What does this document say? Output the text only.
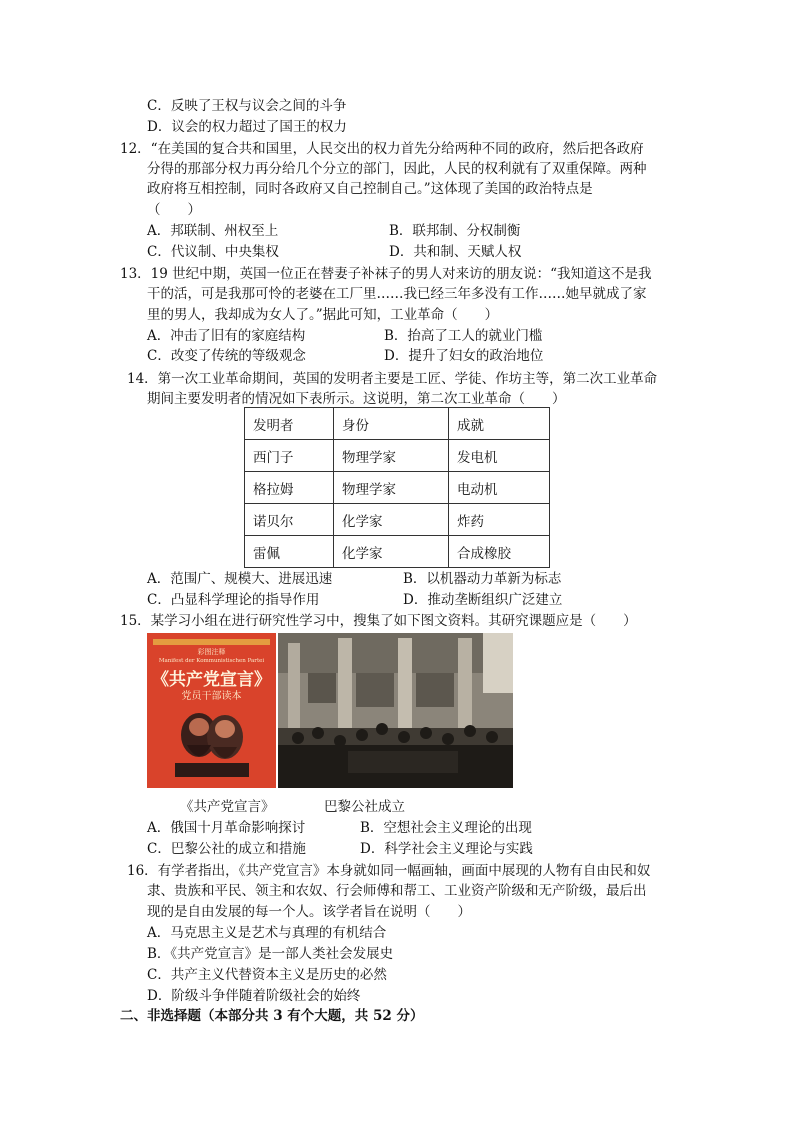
C．反映了王权与议会之间的斗争
D．议会的权力超过了国王的权力
12．“在美国的复合共和国里，人民交出的权力首先分给两种不同的政府，然后把各政府
分得的那部分权力再分给几个分立的部门，因此，人民的权利就有了双重保障。两种
政府将互相控制，同时各政府又自己控制自己。”这体现了美国的政治特点是
（　　）
A．邦联制、州权至上	B．联邦制、分权制衡
C．代议制、中央集权	D．共和制、天赋人权
13．19 世纪中期，英国一位正在替妻子补袜子的男人对来访的朋友说：“我知道这不是我
干的活，可是我那可怜的老婆在工厂里……我已经三年多没有工作……她早就成了家
里的男人，我却成为女人了。”据此可知，工业革命（　　）
A．冲击了旧有的家庭结构	B．抬高了工人的就业门槛
C．改变了传统的等级观念	D．提升了妇女的政治地位
14．第一次工业革命期间，英国的发明者主要是工匠、学徒、作坊主等，第二次工业革命
期间主要发明者的情况如下表所示。这说明，第二次工业革命（　　）
发明者	身份	成就
西门子	物理学家	发电机
格拉姆	物理学家	电动机
诺贝尔	化学家	炸药
雷佩	化学家	合成橡胶
A．范围广、规模大、进展迅速	B．以机器动力革新为标志
C．凸显科学理论的指导作用	D．推动垄断组织广泛建立
15．某学习小组在进行研究性学习中，搜集了如下图文资料。其研究课题应是（　　）
彩图注释
Manifest der Kommunistischen Partei
《共产党宣言》
党员干部读本
《共产党宣言》	巴黎公社成立
A．俄国十月革命影响探讨	B．空想社会主义理论的出现
C．巴黎公社的成立和措施	D．科学社会主义理论与实践
16．有学者指出，《共产党宣言》本身就如同一幅画轴，画面中展现的人物有自由民和奴
隶、贵族和平民、领主和农奴、行会师傅和帮工、工业资产阶级和无产阶级，最后出
现的是自由发展的每一个人。该学者旨在说明（　　）
A．马克思主义是艺术与真理的有机结合
B．《共产党宣言》是一部人类社会发展史
C．共产主义代替资本主义是历史的必然
D．阶级斗争伴随着阶级社会的始终
二、非选择题（本部分共 3 有个大题，共 52 分）
